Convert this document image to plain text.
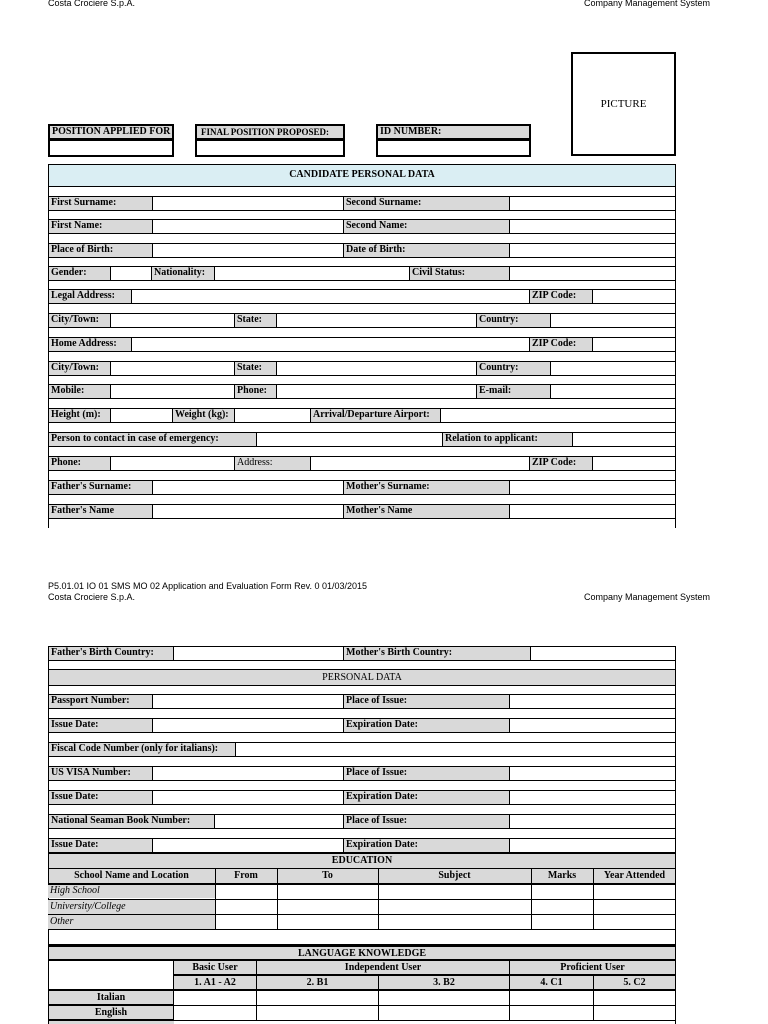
Costa Crociere S.p.A.	Company Management System
PICTURE
POSITION APPLIED FOR	FINAL POSITION PROPOSED:	ID NUMBER:
CANDIDATE PERSONAL DATA
First Surname:	Second Surname:
First Name:	Second Name:
Place of Birth:	Date of Birth:
Gender:	Nationality:	Civil Status:
Legal Address:	ZIP Code:
City/Town:	State:	Country:
Home Address:	ZIP Code:
City/Town:	State:	Country:
Mobile:	Phone:	E-mail:
Height (m):	Weight (kg):	Arrival/Departure Airport:
Person to contact in case of emergency:	Relation to applicant:
Phone:	Address:	ZIP Code:
Father's Surname:	Mother's Surname:
Father's Name	Mother's Name
P5.01.01 IO 01 SMS MO 02 Application and Evaluation Form Rev. 0 01/03/2015
Costa Crociere S.p.A.	Company Management System
Father's Birth Country:	Mother's Birth Country:
PERSONAL DATA
Passport Number:	Place of Issue:
Issue Date:	Expiration Date:
Fiscal Code Number (only for italians):
US VISA Number:	Place of Issue:
Issue Date:	Expiration Date:
National Seaman Book Number:	Place of Issue:
Issue Date:	Expiration Date:
EDUCATION
School Name and Location	From	To	Subject	Marks	Year Attended
High School
University/College
Other
LANGUAGE KNOWLEDGE
Basic User	Independent User	Proficient User
1. A1 - A2	2. B1	3. B2	4. C1	5. C2
Italian
English
